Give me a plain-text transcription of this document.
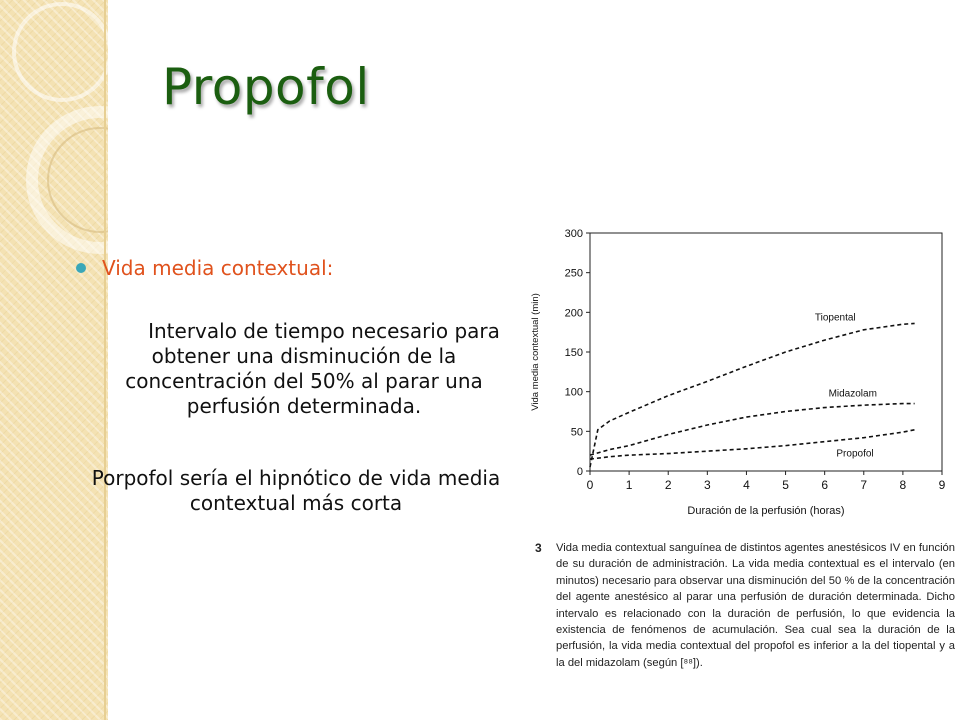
Propofol
Vida media contextual:
Intervalo de tiempo necesario para obtener una disminución de la concentración del 50% al parar una perfusión determinada.
Porpofol sería el hipnótico de vida media contextual más corta
0
50
100
150
200
250
300
0	1	2	3	4	5	6	7	8	9
Duración de la perfusión (horas)
Vida media contextual (min)	Tiopental
Midazolam
Propofol
3 Vida media contextual sanguínea de distintos agentes anestésicos IV en función de su duración de administración. La vida media contextual es el intervalo (en minutos) necesario para observar una disminución del 50 % de la concentración del agente anestésico al parar una perfusión de duración determinada. Dicho intervalo es relacionado con la duración de perfusión, lo que evidencia la existencia de fenómenos de acumulación. Sea cual sea la duración de la perfusión, la vida media contextual del propofol es inferior a la del tiopental y a la del midazolam (según [⁸⁸]).
